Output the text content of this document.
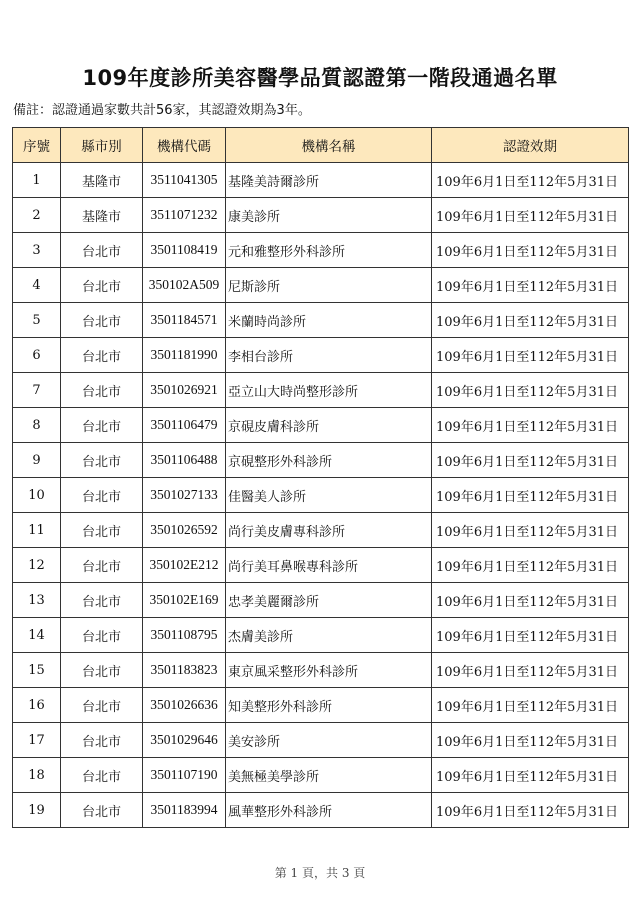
109年度診所美容醫學品質認證第一階段通過名單
備註：認證通過家數共計56家，其認證效期為3年。
序號	縣市別	機構代碼	機構名稱	認證效期
1	基隆市	3511041305	基隆美詩爾診所	109年6月1日至112年5月31日
2	基隆市	3511071232	康美診所	109年6月1日至112年5月31日
3	台北市	3501108419	元和雅整形外科診所	109年6月1日至112年5月31日
4	台北市	350102A509	尼斯診所	109年6月1日至112年5月31日
5	台北市	3501184571	米蘭時尚診所	109年6月1日至112年5月31日
6	台北市	3501181990	李相台診所	109年6月1日至112年5月31日
7	台北市	3501026921	亞立山大時尚整形診所	109年6月1日至112年5月31日
8	台北市	3501106479	京硯皮膚科診所	109年6月1日至112年5月31日
9	台北市	3501106488	京硯整形外科診所	109年6月1日至112年5月31日
10	台北市	3501027133	佳醫美人診所	109年6月1日至112年5月31日
11	台北市	3501026592	尚行美皮膚專科診所	109年6月1日至112年5月31日
12	台北市	350102E212	尚行美耳鼻喉專科診所	109年6月1日至112年5月31日
13	台北市	350102E169	忠孝美麗爾診所	109年6月1日至112年5月31日
14	台北市	3501108795	杰膚美診所	109年6月1日至112年5月31日
15	台北市	3501183823	東京風采整形外科診所	109年6月1日至112年5月31日
16	台北市	3501026636	知美整形外科診所	109年6月1日至112年5月31日
17	台北市	3501029646	美安診所	109年6月1日至112年5月31日
18	台北市	3501107190	美無極美學診所	109年6月1日至112年5月31日
19	台北市	3501183994	風華整形外科診所	109年6月1日至112年5月31日
第 1 頁，共 3 頁
